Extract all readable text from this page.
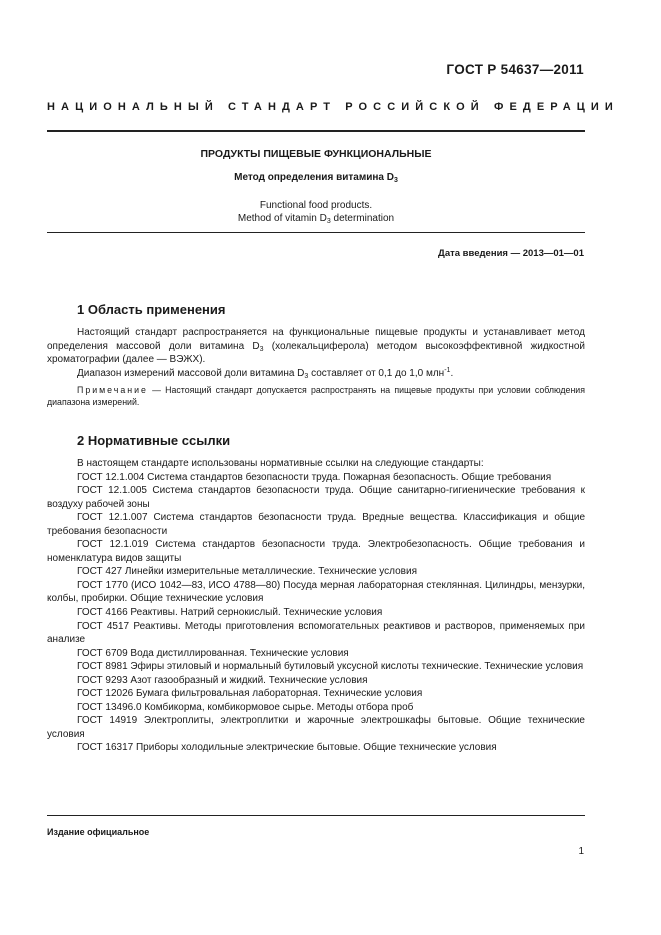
ГОСТ Р 54637—2011
НАЦИОНАЛЬНЫЙ СТАНДАРТ РОССИЙСКОЙ ФЕДЕРАЦИИ
ПРОДУКТЫ ПИЩЕВЫЕ ФУНКЦИОНАЛЬНЫЕ
Метод определения витамина $D_3$
Functional food products.
Method of vitamin $D_3$ determination
Дата введения — 2013—01—01
1 Область применения

Настоящий стандарт распространяется на функциональные пищевые продукты и устанавливает метод определения массовой доли витамина $D_3$ (холекальциферола) методом высокоэффективной жидкостной хроматографии (далее — ВЭЖХ).

Диапазон измерений массовой доли витамина $D_3$ составляет от 0,1 до 1,0 млн$^{-1}$.

Примечание — Настоящий стандарт допускается распространять на пищевые продукты при условии соблюдения диапазона измерений.

2 Нормативные ссылки

В настоящем стандарте использованы нормативные ссылки на следующие стандарты:

ГОСТ 12.1.004 Система стандартов безопасности труда. Пожарная безопасность. Общие требования

ГОСТ 12.1.005 Система стандартов безопасности труда. Общие санитарно-гигиенические требования к воздуху рабочей зоны

ГОСТ 12.1.007 Система стандартов безопасности труда. Вредные вещества. Классификация и общие требования безопасности

ГОСТ 12.1.019 Система стандартов безопасности труда. Электробезопасность. Общие требования и номенклатура видов защиты

ГОСТ 427 Линейки измерительные металлические. Технические условия

ГОСТ 1770 (ИСО 1042—83, ИСО 4788—80) Посуда мерная лабораторная стеклянная. Цилиндры, мензурки, колбы, пробирки. Общие технические условия

ГОСТ 4166 Реактивы. Натрий сернокислый. Технические условия

ГОСТ 4517 Реактивы. Методы приготовления вспомогательных реактивов и растворов, применяемых при анализе

ГОСТ 6709 Вода дистиллированная. Технические условия

ГОСТ 8981 Эфиры этиловый и нормальный бутиловый уксусной кислоты технические. Технические условия

ГОСТ 9293 Азот газообразный и жидкий. Технические условия

ГОСТ 12026 Бумага фильтровальная лабораторная. Технические условия

ГОСТ 13496.0 Комбикорма, комбикормовое сырье. Методы отбора проб

ГОСТ 14919 Электроплиты, электроплитки и жарочные электрошкафы бытовые. Общие технические условия

ГОСТ 16317 Приборы холодильные электрические бытовые. Общие технические условия

Издание официальное
1
